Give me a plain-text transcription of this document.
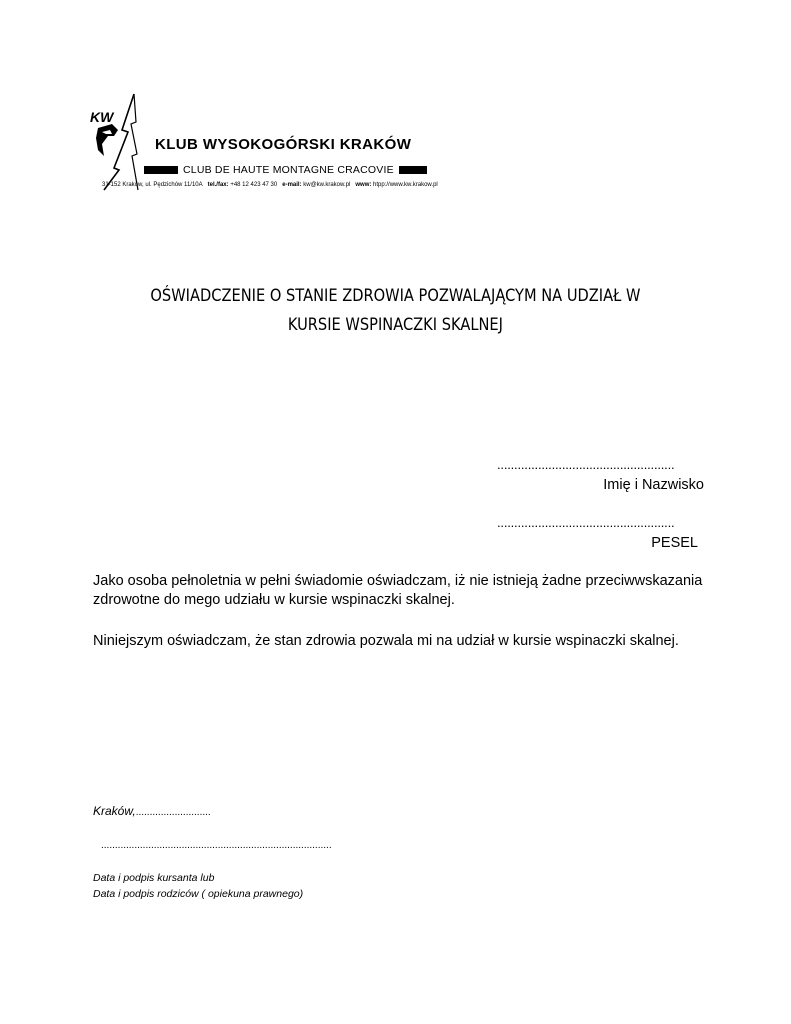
KW
KLUB WYSOKOGÓRSKI KRAKÓW
CLUB DE HAUTE MONTAGNE CRACOVIE
31-152 Kraków, ul. Pędzichów 11/10A tel./fax: +48 12 423 47 30 e-mail: kw@kw.krakow.pl www: htpp://www.kw.krakow.pl
OŚWIADCZENIE O STANIE ZDROWIA POZWALAJĄCYM NA UDZIAŁ W
KURSIE WSPINACZKI SKALNEJ
....................................................
Imię i Nazwisko
....................................................
PESEL
Jako osoba pełnoletnia w pełni świadomie oświadczam, iż nie istnieją żadne przeciwwskazania zdrowotne do mego udziału w kursie wspinaczki skalnej.
Niniejszym oświadczam, że stan zdrowia pozwala mi na udział w kursie wspinaczki skalnej.
Kraków,...........................
...................................................................................
Data i podpis kursanta lub
Data i podpis rodziców ( opiekuna prawnego)
